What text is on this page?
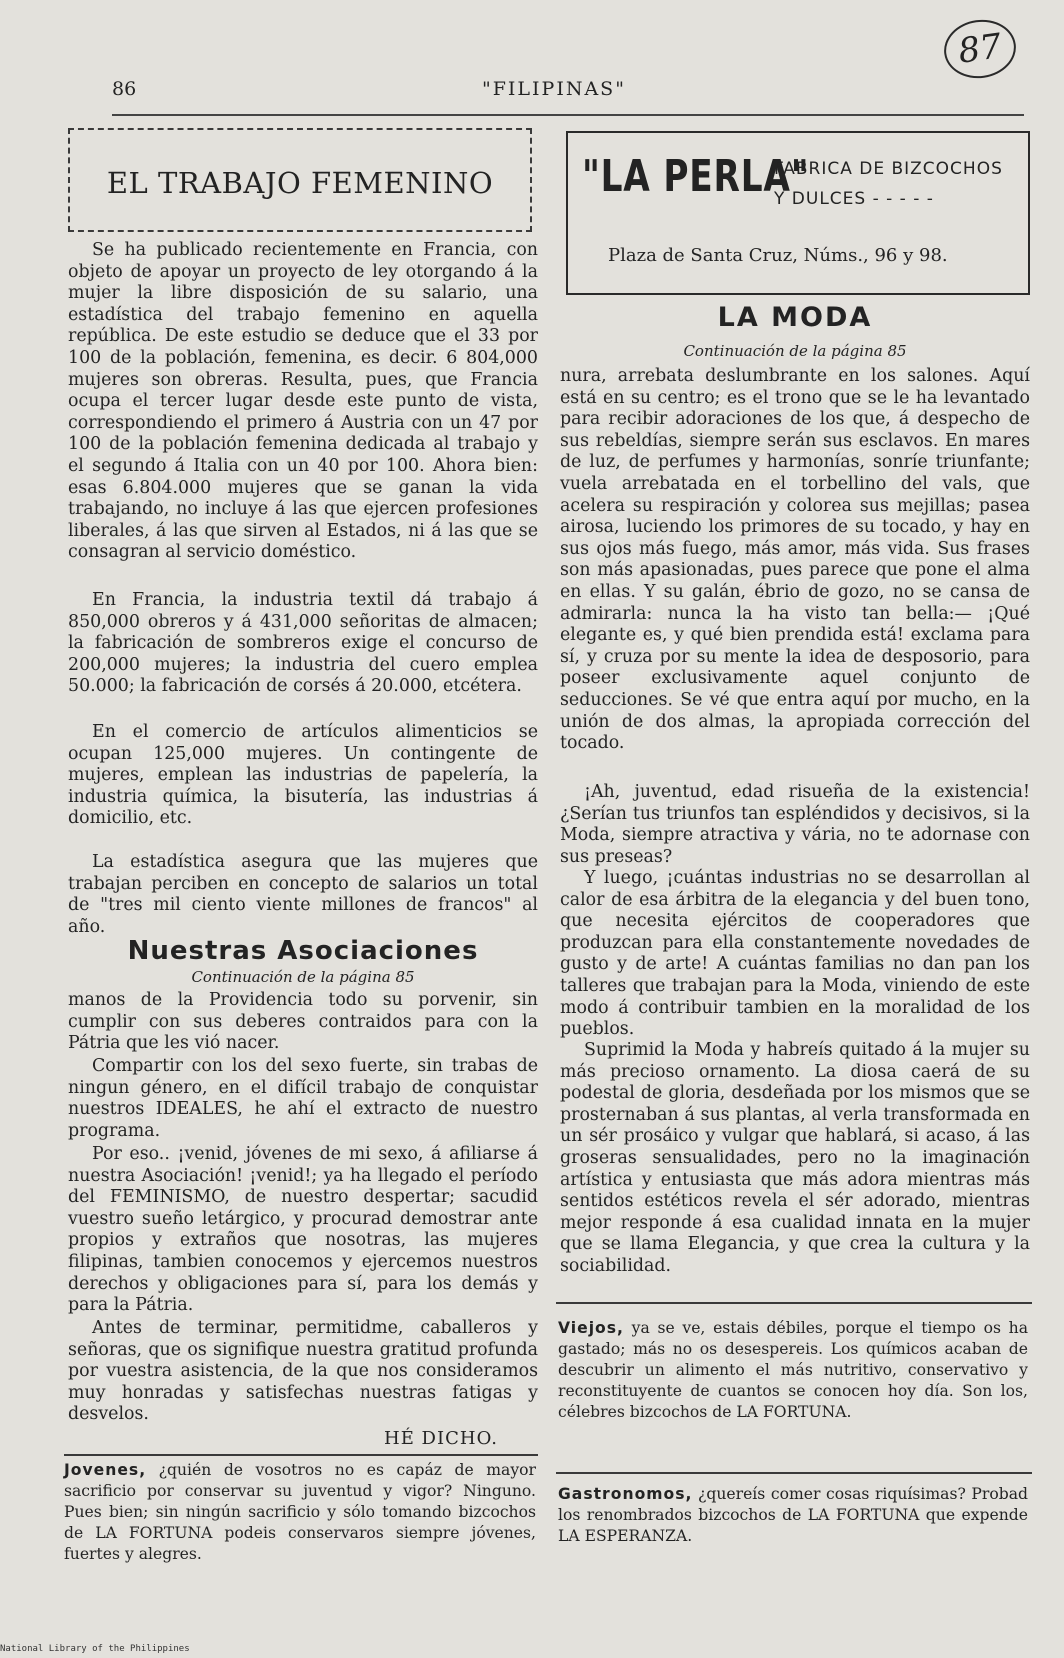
87
86	"FILIPINAS"
EL TRABAJO FEMENINO
Se ha publicado recientemente en Francia, con objeto de apoyar un proyecto de ley otorgando á la mujer la libre disposición de su salario, una estadística del trabajo femenino en aquella república. De este estudio se deduce que el 33 por 100 de la población, femenina, es decir. 6 804,000 mujeres son obreras. Resulta, pues, que Francia ocupa el tercer lugar desde este punto de vista, correspondiendo el primero á Austria con un 47 por 100 de la población femenina dedicada al trabajo y el segundo á Italia con un 40 por 100. Ahora bien: esas 6.804.000 mujeres que se ganan la vida trabajando, no incluye á las que ejercen profesiones liberales, á las que sirven al Estados, ni á las que se consagran al servicio doméstico.
En Francia, la industria textil dá trabajo á 850,000 obreros y á 431,000 señoritas de almacen; la fabricación de sombreros exige el concurso de 200,000 mujeres; la industria del cuero emplea 50.000; la fabricación de corsés á 20.000, etcétera.
En el comercio de artículos alimenticios se ocupan 125,000 mujeres. Un contingente de mujeres, emplean las industrias de papelería, la industria química, la bisutería, las industrias á domicilio, etc.
La estadística asegura que las mujeres que trabajan perciben en concepto de salarios un total de "tres mil ciento viente millones de francos" al año.
Nuestras Asociaciones
Continuación de la página 85
manos de la Providencia todo su porvenir, sin cumplir con sus deberes contraidos para con la Pátria que les vió nacer.
Compartir con los del sexo fuerte, sin trabas de ningun género, en el difícil trabajo de conquistar nuestros IDEALES, he ahí el extracto de nuestro programa.
Por eso.. ¡venid, jóvenes de mi sexo, á afiliarse á nuestra Asociación! ¡venid!; ya ha llegado el período del FEMINISMO, de nuestro despertar; sacudid vuestro sueño letárgico, y procurad demostrar ante propios y extraños que nosotras, las mujeres filipinas, tambien conocemos y ejercemos nuestros derechos y obligaciones para sí, para los demás y para la Pátria.
Antes de terminar, permitidme, caballeros y señoras, que os signifique nuestra gratitud profunda por vuestra asistencia, de la que nos consideramos muy honradas y satisfechas nuestras fatigas y desvelos.
HÉ DICHO.
Jovenes, ¿quién de vosotros no es capáz de mayor sacrificio por conservar su juventud y vigor? Ninguno. Pues bien; sin ningún sacrificio y sólo tomando bizcochos de LA FORTUNA podeis conservaros siempre jóvenes, fuertes y alegres.
"LA PERLA"
FABRICA DE BIZCOCHOS
Y DULCES - - - - -
Plaza de Santa Cruz, Núms., 96 y 98.
LA MODA
Continuación de la página 85
nura, arrebata deslumbrante en los salones. Aquí está en su centro; es el trono que se le ha levantado para recibir adoraciones de los que, á despecho de sus rebeldías, siempre serán sus esclavos. En mares de luz, de perfumes y harmonías, sonríe triunfante; vuela arrebatada en el torbellino del vals, que acelera su respiración y colorea sus mejillas; pasea airosa, luciendo los primores de su tocado, y hay en sus ojos más fuego, más amor, más vida. Sus frases son más apasionadas, pues parece que pone el alma en ellas. Y su galán, ébrio de gozo, no se cansa de admirarla: nunca la ha visto tan bella:— ¡Qué elegante es, y qué bien prendida está! exclama para sí, y cruza por su mente la idea de desposorio, para poseer exclusivamente aquel conjunto de seducciones. Se vé que entra aquí por mucho, en la unión de dos almas, la apropiada corrección del tocado.
¡Ah, juventud, edad risueña de la existencia! ¿Serían tus triunfos tan espléndidos y decisivos, si la Moda, siempre atractiva y vária, no te adornase con sus preseas?
Y luego, ¡cuántas industrias no se desarrollan al calor de esa árbitra de la elegancia y del buen tono, que necesita ejércitos de cooperadores que produzcan para ella constantemente novedades de gusto y de arte! A cuántas familias no dan pan los talleres que trabajan para la Moda, viniendo de este modo á contribuir tambien en la moralidad de los pueblos.
Suprimid la Moda y habreís quitado á la mujer su más precioso ornamento. La diosa caerá de su podestal de gloria, desdeñada por los mismos que se prosternaban á sus plantas, al verla transformada en un sér prosáico y vulgar que hablará, si acaso, á las groseras sensualidades, pero no la imaginación artística y entusiasta que más adora mientras más sentidos estéticos revela el sér adorado, mientras mejor responde á esa cualidad innata en la mujer que se llama Elegancia, y que crea la cultura y la sociabilidad.
Viejos, ya se ve, estais débiles, porque el tiempo os ha gastado; más no os desespereis. Los químicos acaban de descubrir un alimento el más nutritivo, conservativo y reconstituyente de cuantos se conocen hoy día. Son los, célebres bizcochos de LA FORTUNA.
Gastronomos, ¿quereís comer cosas riquísimas? Probad los renombrados bizcochos de LA FORTUNA que expende LA ESPERANZA.
National Library of the Philippines
